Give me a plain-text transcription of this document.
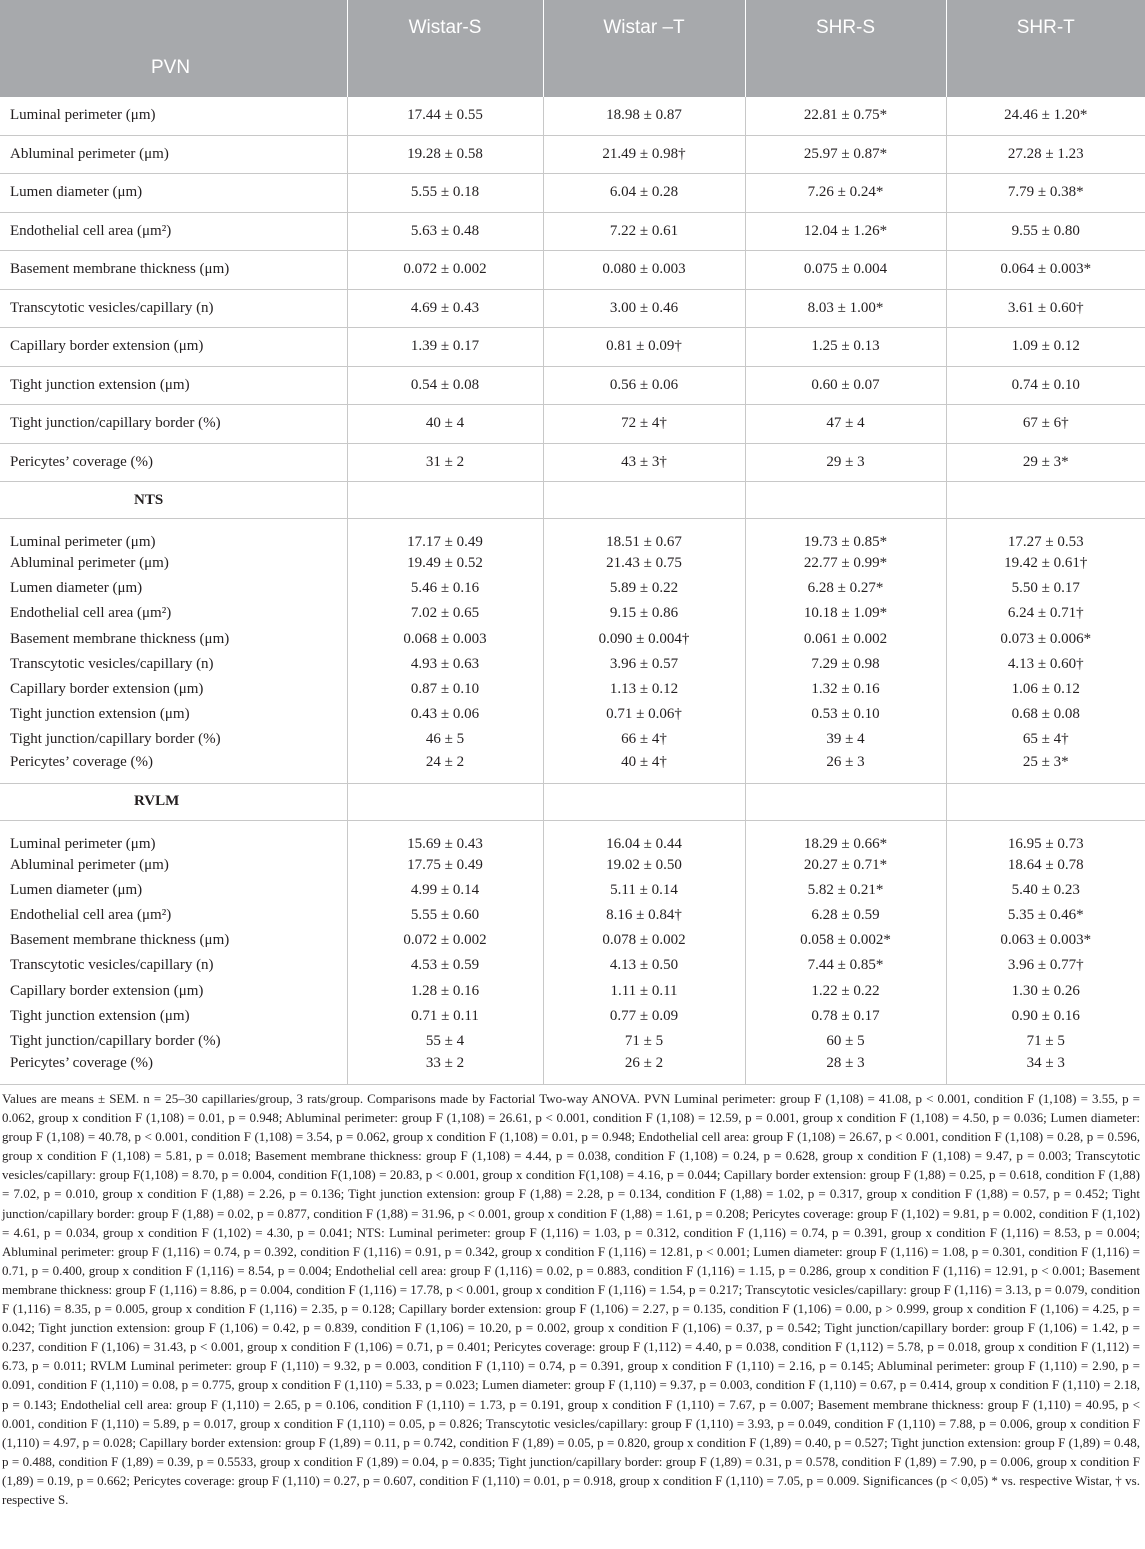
	Wistar-S	Wistar –T	SHR-S	SHR-T
PVN				
Luminal perimeter (μm)	17.44 ± 0.55	18.98 ± 0.87	22.81 ± 0.75*	24.46 ± 1.20*
Abluminal perimeter (μm)	19.28 ± 0.58	21.49 ± 0.98†	25.97 ± 0.87*	27.28 ± 1.23
Lumen diameter (μm)	5.55 ± 0.18	6.04 ± 0.28	7.26 ± 0.24*	7.79 ± 0.38*
Endothelial cell area (μm²)	5.63 ± 0.48	7.22 ± 0.61	12.04 ± 1.26*	9.55 ± 0.80
Basement membrane thickness (μm)	0.072 ± 0.002	0.080 ± 0.003	0.075 ± 0.004	0.064 ± 0.003*
Transcytotic vesicles/capillary (n)	4.69 ± 0.43	3.00 ± 0.46	8.03 ± 1.00*	3.61 ± 0.60†
Capillary border extension (μm)	1.39 ± 0.17	0.81 ± 0.09†	1.25 ± 0.13	1.09 ± 0.12
Tight junction extension (μm)	0.54 ± 0.08	0.56 ± 0.06	0.60 ± 0.07	0.74 ± 0.10
Tight junction/capillary border (%)	40 ± 4	72 ± 4†	47 ± 4	67 ± 6†
Pericytes’ coverage (%)	31 ± 2	43 ± 3†	29 ± 3	29 ± 3*
NTS				
Luminal perimeter (μm)	17.17 ± 0.49	18.51 ± 0.67	19.73 ± 0.85*	17.27 ± 0.53
Abluminal perimeter (μm)	19.49 ± 0.52	21.43 ± 0.75	22.77 ± 0.99*	19.42 ± 0.61†
Lumen diameter (μm)	5.46 ± 0.16	5.89 ± 0.22	6.28 ± 0.27*	5.50 ± 0.17
Endothelial cell area (μm²)	7.02 ± 0.65	9.15 ± 0.86	10.18 ± 1.09*	6.24 ± 0.71†
Basement membrane thickness (μm)	0.068 ± 0.003	0.090 ± 0.004†	0.061 ± 0.002	0.073 ± 0.006*
Transcytotic vesicles/capillary (n)	4.93 ± 0.63	3.96 ± 0.57	7.29 ± 0.98	4.13 ± 0.60†
Capillary border extension (μm)	0.87 ± 0.10	1.13 ± 0.12	1.32 ± 0.16	1.06 ± 0.12
Tight junction extension (μm)	0.43 ± 0.06	0.71 ± 0.06†	0.53 ± 0.10	0.68 ± 0.08
Tight junction/capillary border (%)	46 ± 5	66 ± 4†	39 ± 4	65 ± 4†
Pericytes’ coverage (%)	24 ± 2	40 ± 4†	26 ± 3	25 ± 3*
RVLM				
Luminal perimeter (μm)	15.69 ± 0.43	16.04 ± 0.44	18.29 ± 0.66*	16.95 ± 0.73
Abluminal perimeter (μm)	17.75 ± 0.49	19.02 ± 0.50	20.27 ± 0.71*	18.64 ± 0.78
Lumen diameter (μm)	4.99 ± 0.14	5.11 ± 0.14	5.82 ± 0.21*	5.40 ± 0.23
Endothelial cell area (μm²)	5.55 ± 0.60	8.16 ± 0.84†	6.28 ± 0.59	5.35 ± 0.46*
Basement membrane thickness (μm)	0.072 ± 0.002	0.078 ± 0.002	0.058 ± 0.002*	0.063 ± 0.003*
Transcytotic vesicles/capillary (n)	4.53 ± 0.59	4.13 ± 0.50	7.44 ± 0.85*	3.96 ± 0.77†
Capillary border extension (μm)	1.28 ± 0.16	1.11 ± 0.11	1.22 ± 0.22	1.30 ± 0.26
Tight junction extension (μm)	0.71 ± 0.11	0.77 ± 0.09	0.78 ± 0.17	0.90 ± 0.16
Tight junction/capillary border (%)	55 ± 4	71 ± 5	60 ± 5	71 ± 5
Pericytes’ coverage (%)	33 ± 2	26 ± 2	28 ± 3	34 ± 3
Values are means ± SEM. n = 25–30 capillaries/group, 3 rats/group. Comparisons made by Factorial Two-way ANOVA. PVN Luminal perimeter: group F (1,108) = 41.08, p < 0.001, condition F (1,108) = 3.55, p = 0.062, group x condition F (1,108) = 0.01, p = 0.948; Abluminal perimeter: group F (1,108) = 26.61, p < 0.001, condition F (1,108) = 12.59, p = 0.001, group x condition F (1,108) = 4.50, p = 0.036; Lumen diameter: group F (1,108) = 40.78, p < 0.001, condition F (1,108) = 3.54, p = 0.062, group x condition F (1,108) = 0.01, p = 0.948; Endothelial cell area: group F (1,108) = 26.67, p < 0.001, condition F (1,108) = 0.28, p = 0.596, group x condition F (1,108) = 5.81, p = 0.018; Basement membrane thickness: group F (1,108) = 4.44, p = 0.038, condition F (1,108) = 0.24, p = 0.628, group x condition F (1,108) = 9.47, p = 0.003; Transcytotic vesicles/capillary: group F(1,108) = 8.70, p = 0.004, condition F(1,108) = 20.83, p < 0.001, group x condition F(1,108) = 4.16, p = 0.044; Capillary border extension: group F (1,88) = 0.25, p = 0.618, condition F (1,88) = 7.02, p = 0.010, group x condition F (1,88) = 2.26, p = 0.136; Tight junction extension: group F (1,88) = 2.28, p = 0.134, condition F (1,88) = 1.02, p = 0.317, group x condition F (1,88) = 0.57, p = 0.452; Tight junction/capillary border: group F (1,88) = 0.02, p = 0.877, condition F (1,88) = 31.96, p < 0.001, group x condition F (1,88) = 1.61, p = 0.208; Pericytes coverage: group F (1,102) = 9.81, p = 0.002, condition F (1,102) = 4.61, p = 0.034, group x condition F (1,102) = 4.30, p = 0.041; NTS: Luminal perimeter: group F (1,116) = 1.03, p = 0.312, condition F (1,116) = 0.74, p = 0.391, group x condition F (1,116) = 8.53, p = 0.004; Abluminal perimeter: group F (1,116) = 0.74, p = 0.392, condition F (1,116) = 0.91, p = 0.342, group x condition F (1,116) = 12.81, p < 0.001; Lumen diameter: group F (1,116) = 1.08, p = 0.301, condition F (1,116) = 0.71, p = 0.400, group x condition F (1,116) = 8.54, p = 0.004; Endothelial cell area: group F (1,116) = 0.02, p = 0.883, condition F (1,116) = 1.15, p = 0.286, group x condition F (1,116) = 12.91, p < 0.001; Basement membrane thickness: group F (1,116) = 8.86, p = 0.004, condition F (1,116) = 17.78, p < 0.001, group x condition F (1,116) = 1.54, p = 0.217; Transcytotic vesicles/capillary: group F (1,116) = 3.13, p = 0.079, condition F (1,116) = 8.35, p = 0.005, group x condition F (1,116) = 2.35, p = 0.128; Capillary border extension: group F (1,106) = 2.27, p = 0.135, condition F (1,106) = 0.00, p > 0.999, group x condition F (1,106) = 4.25, p = 0.042; Tight junction extension: group F (1,106) = 0.42, p = 0.839, condition F (1,106) = 10.20, p = 0.002, group x condition F (1,106) = 0.37, p = 0.542; Tight junction/capillary border: group F (1,106) = 1.42, p = 0.237, condition F (1,106) = 31.43, p < 0.001, group x condition F (1,106) = 0.71, p = 0.401; Pericytes coverage: group F (1,112) = 4.40, p = 0.038, condition F (1,112) = 5.78, p = 0.018, group x condition F (1,112) = 6.73, p = 0.011; RVLM Luminal perimeter: group F (1,110) = 9.32, p = 0.003, condition F (1,110) = 0.74, p = 0.391, group x condition F (1,110) = 2.16, p = 0.145; Abluminal perimeter: group F (1,110) = 2.90, p = 0.091, condition F (1,110) = 0.08, p = 0.775, group x condition F (1,110) = 5.33, p = 0.023; Lumen diameter: group F (1,110) = 9.37, p = 0.003, condition F (1,110) = 0.67, p = 0.414, group x condition F (1,110) = 2.18, p = 0.143; Endothelial cell area: group F (1,110) = 2.65, p = 0.106, condition F (1,110) = 1.73, p = 0.191, group x condition F (1,110) = 7.67, p = 0.007; Basement membrane thickness: group F (1,110) = 40.95, p < 0.001, condition F (1,110) = 5.89, p = 0.017, group x condition F (1,110) = 0.05, p = 0.826; Transcytotic vesicles/capillary: group F (1,110) = 3.93, p = 0.049, condition F (1,110) = 7.88, p = 0.006, group x condition F (1,110) = 4.97, p = 0.028; Capillary border extension: group F (1,89) = 0.11, p = 0.742, condition F (1,89) = 0.05, p = 0.820, group x condition F (1,89) = 0.40, p = 0.527; Tight junction extension: group F (1,89) = 0.48, p = 0.488, condition F (1,89) = 0.39, p = 0.5533, group x condition F (1,89) = 0.04, p = 0.835; Tight junction/capillary border: group F (1,89) = 0.31, p = 0.578, condition F (1,89) = 7.90, p = 0.006, group x condition F (1,89) = 0.19, p = 0.662; Pericytes coverage: group F (1,110) = 0.27, p = 0.607, condition F (1,110) = 0.01, p = 0.918, group x condition F (1,110) = 7.05, p = 0.009. Significances (p < 0,05) * vs. respective Wistar, † vs. respective S.
